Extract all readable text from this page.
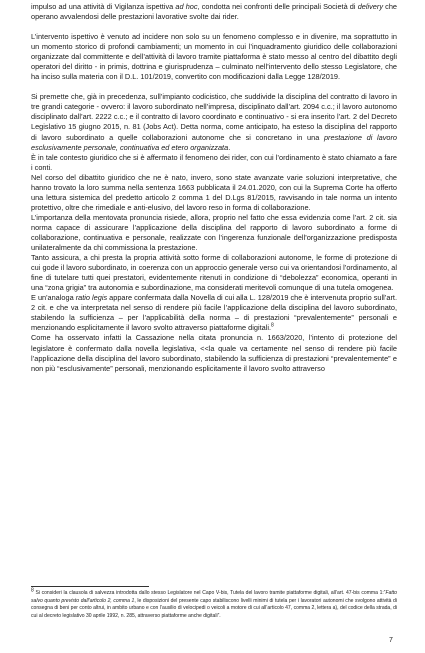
impulso ad una attività di Vigilanza ispettiva ad hoc, condotta nei confronti delle principali Società di delivery che operano avvalendosi delle prestazioni lavorative svolte dai rider.

L’intervento ispettivo è venuto ad incidere non solo su un fenomeno complesso e in divenire, ma soprattutto in un momento storico di profondi cambiamenti; un momento in cui l’inquadramento giuridico delle collaborazioni organizzate dal committente e dell’attività di lavoro tramite piattaforma è stato messo al centro del dibattito degli operatori del diritto - in primis, dottrina e giurisprudenza – culminato nell’intervento dello stesso Legislatore, che ha inciso sulla materia con il D.L. 101/2019, convertito con modificazioni dalla Legge 128/2019.

Si premette che, già in precedenza, sull’impianto codicistico, che suddivide la disciplina del contratto di lavoro in tre grandi categorie - ovvero: il lavoro subordinato nell’impresa, disciplinato dall’art. 2094 c.c.; il lavoro autonomo disciplinato dall’art. 2222 c.c.; e il contratto di lavoro coordinato e continuativo - si era inserito l’art. 2 del Decreto Legislativo 15 giugno 2015, n. 81 (Jobs Act). Detta norma, come anticipato, ha esteso la disciplina del rapporto di lavoro subordinato a quelle collaborazioni autonome che si concretano in una prestazione di lavoro esclusivamente personale, continuativa ed etero organizzata.

È in tale contesto giuridico che si è affermato il fenomeno dei rider, con cui l’ordinamento è stato chiamato a fare i conti.

Nel corso del dibattito giuridico che ne è nato, invero, sono state avanzate varie soluzioni interpretative, che hanno trovato la loro summa nella sentenza 1663 pubblicata il 24.01.2020, con cui la Suprema Corte ha offerto una lettura sistemica del predetto articolo 2 comma 1 del D.Lgs 81/2015, ravvisando in tale norma un intento protettivo, oltre che rimediale e anti-elusivo, del lavoro reso in forma di collaborazione.

L’importanza della mentovata pronuncia risiede, allora, proprio nel fatto che essa evidenzia come l’art. 2 cit. sia norma capace di assicurare l’applicazione della disciplina del rapporto di lavoro subordinato a forme di collaborazione, continuativa e personale, realizzate con l’ingerenza funzionale dell’organizzazione predisposta unilateralmente da chi commissiona la prestazione.

Tanto assicura, a chi presta la propria attività sotto forme di collaborazioni autonome, le forme di protezione di cui gode il lavoro subordinato, in coerenza con un approccio generale verso cui va orientandosi l’ordinamento, al fine di tutelare tutti quei prestatori, evidentemente ritenuti in condizione di “debolezza” economica, operanti in una “zona grigia” tra autonomia e subordinazione, ma considerati meritevoli comunque di una tutela omogenea.

E un'analoga ratio legis appare confermata dalla Novella di cui alla L. 128/2019 che è intervenuta proprio sull’art. 2 cit. e che va interpretata nel senso di rendere più facile l’applicazione della disciplina del lavoro subordinato, stabilendo la sufficienza – per l’applicabilità della norma – di prestazioni “prevalentemente” personali e menzionando esplicitamente il lavoro svolto attraverso piattaforme digitali.$^8$

Come ha osservato infatti la Cassazione nella citata pronuncia n. 1663/2020, l’intento di protezione del legislatore è confermato dalla novella legislativa, <<la quale va certamente nel senso di rendere più facile l’applicazione della disciplina del lavoro subordinato, stabilendo la sufficienza di prestazioni “prevalentemente” e non più “esclusivamente” personali, menzionando esplicitamente il lavoro svolto attraverso

$^8$ Si consideri la clausola di salvezza introdotta dallo stesso Legislatore nel Capo V-bis, Tutela del lavoro tramite piattaforme digitali, all’art. 47-bis comma 1:“Fatto salvo quanto previsto dall’articolo 2, comma 1, le disposizioni del presente capo stabiliscono livelli minimi di tutela per i lavoratori autonomi che svolgono attività di consegna di beni per conto altrui, in ambito urbano e con l’ausilio di velocipedi o veicoli a motore di cui all’articolo 47, comma 2, lettera a), del codice della strada, di cui al decreto legislativo 30 aprile 1992, n. 285, attraverso piattaforme anche digitali”.
7
